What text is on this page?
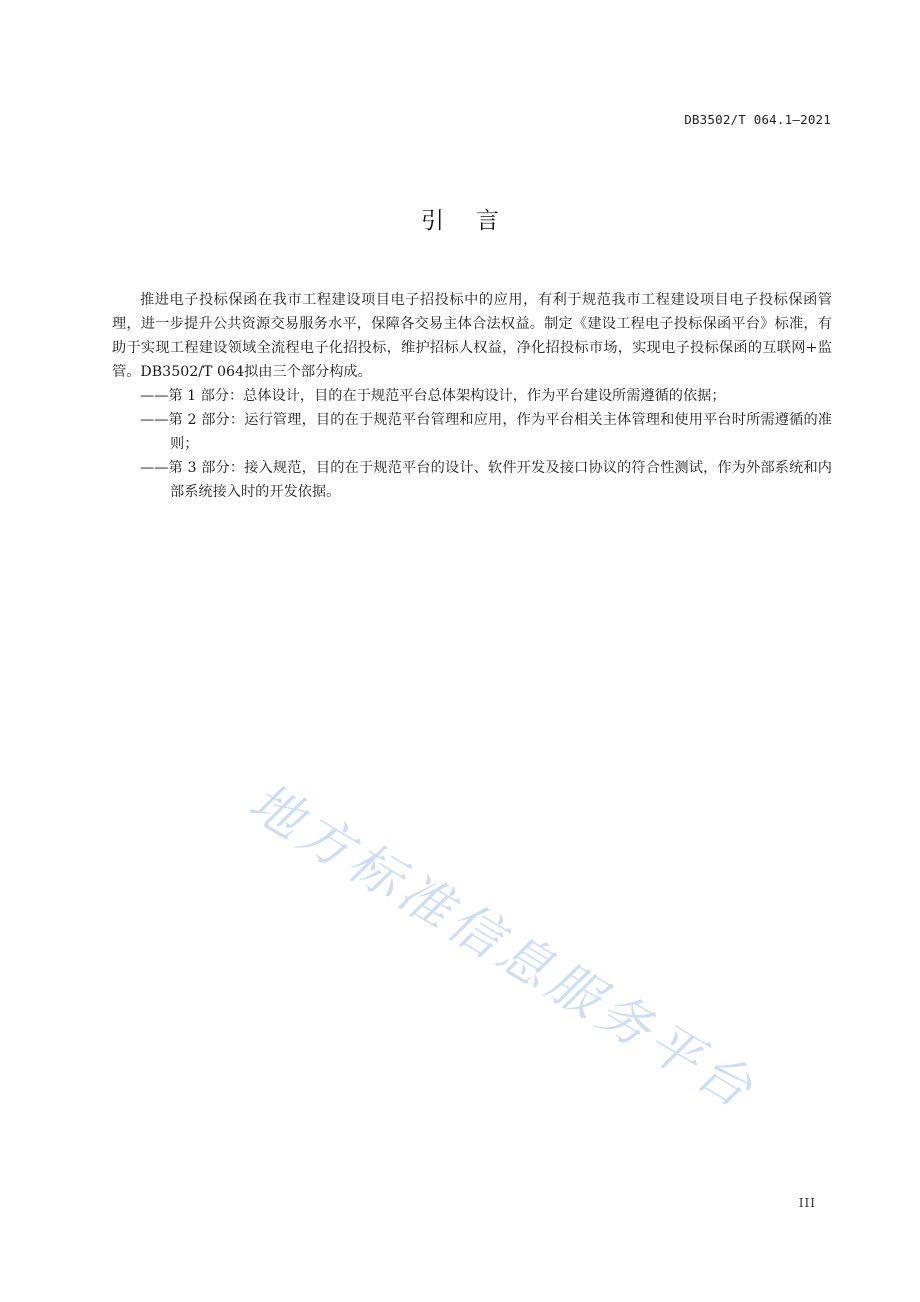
DB3502/T 064.1—2021
引言

推进电子投标保函在我市工程建设项目电子招投标中的应用，有利于规范我市工程建设项目电子投标保函管理，进一步提升公共资源交易服务水平，保障各交易主体合法权益。制定《建设工程电子投标保函平台》标准，有助于实现工程建设领域全流程电子化招投标，维护招标人权益，净化招投标市场，实现电子投标保函的互联网+监管。DB3502/T 064拟由三个部分构成。

——第 1 部分：总体设计，目的在于规范平台总体架构设计，作为平台建设所需遵循的依据；

——第 2 部分：运行管理，目的在于规范平台管理和应用，作为平台相关主体管理和使用平台时所需遵循的准则；

——第 3 部分：接入规范，目的在于规范平台的设计、软件开发及接口协议的符合性测试，作为外部系统和内部系统接入时的开发依据。

地方标准信息服务平台
III
